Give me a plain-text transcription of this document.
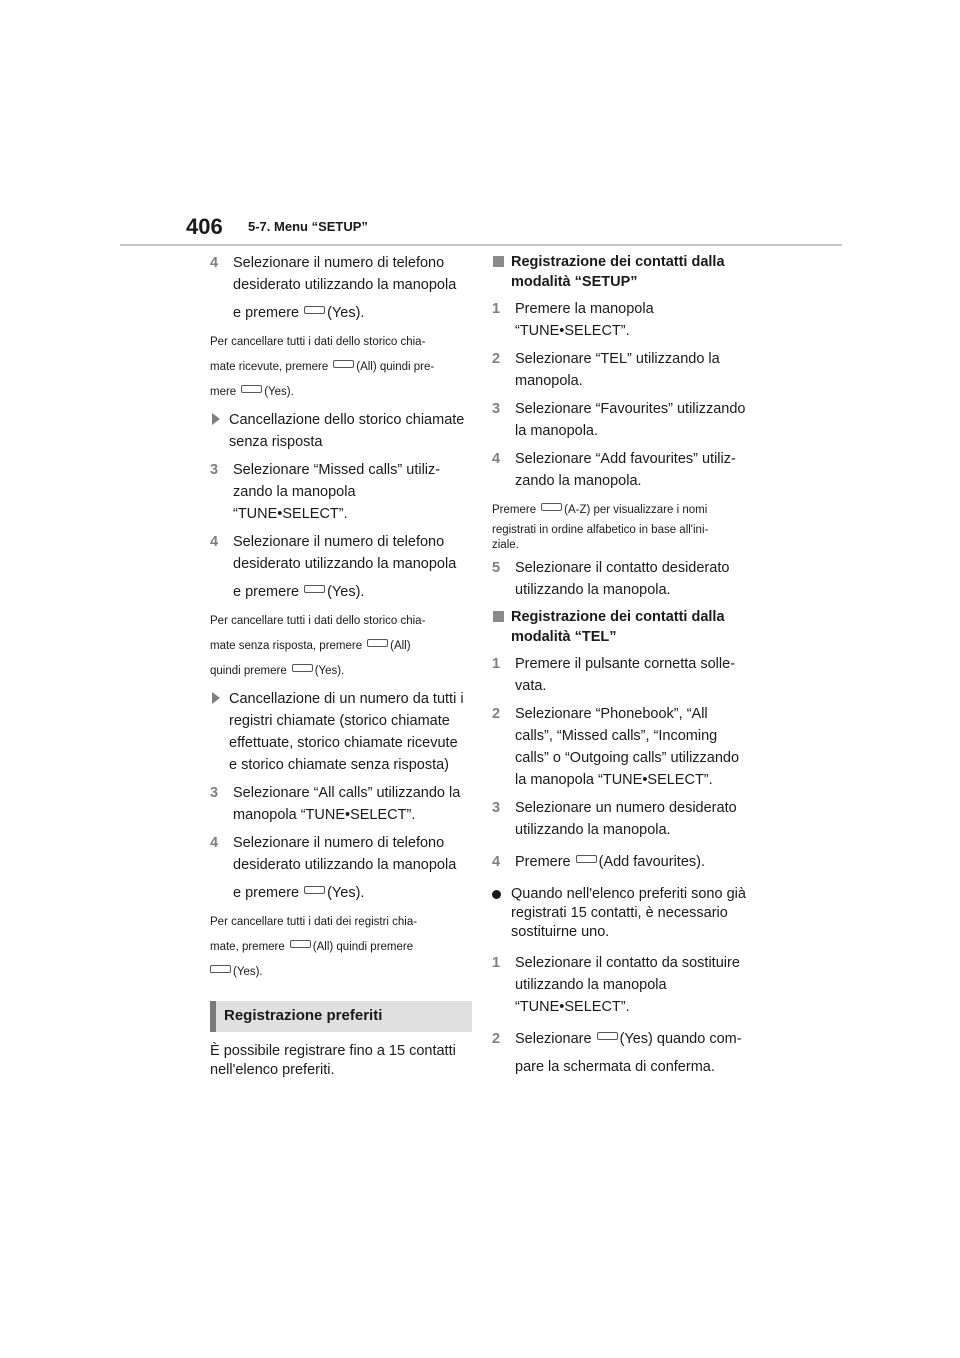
406 5-7. Menu “SETUP”
4 Selezionare il numero di telefono
desiderato utilizzando la manopola
e premere (Yes).
Per cancellare tutti i dati dello storico chia-
mate ricevute, premere (All) quindi pre-
mere (Yes).
Cancellazione dello storico chiamate
senza risposta
3 Selezionare “Missed calls” utiliz-
zando la manopola
“TUNE•SELECT”.
4 Selezionare il numero di telefono
desiderato utilizzando la manopola
e premere (Yes).
Per cancellare tutti i dati dello storico chia-
mate senza risposta, premere (All)
quindi premere (Yes).
Cancellazione di un numero da tutti i
registri chiamate (storico chiamate
effettuate, storico chiamate ricevute
e storico chiamate senza risposta)
3 Selezionare “All calls” utilizzando la
manopola “TUNE•SELECT”.
4 Selezionare il numero di telefono
desiderato utilizzando la manopola
e premere (Yes).
Per cancellare tutti i dati dei registri chia-
mate, premere (All) quindi premere
(Yes).
Registrazione preferiti
È possibile registrare fino a 15 contatti
nell'elenco preferiti.
Registrazione dei contatti dalla
modalità “SETUP”
1 Premere la manopola
“TUNE•SELECT”.
2 Selezionare “TEL” utilizzando la
manopola.
3 Selezionare “Favourites” utilizzando
la manopola.
4 Selezionare “Add favourites” utiliz-
zando la manopola.
Premere (A-Z) per visualizzare i nomi
registrati in ordine alfabetico in base all'ini-
ziale.
5 Selezionare il contatto desiderato
utilizzando la manopola.
Registrazione dei contatti dalla
modalità “TEL”
1 Premere il pulsante cornetta solle-
vata.
2 Selezionare “Phonebook”, “All
calls”, “Missed calls”, “Incoming
calls” o “Outgoing calls” utilizzando
la manopola “TUNE•SELECT”.
3 Selezionare un numero desiderato
utilizzando la manopola.
4 Premere (Add favourites).
Quando nell'elenco preferiti sono già
registrati 15 contatti, è necessario
sostituirne uno.
1 Selezionare il contatto da sostituire
utilizzando la manopola
“TUNE•SELECT”.
2 Selezionare (Yes) quando com-
pare la schermata di conferma.
